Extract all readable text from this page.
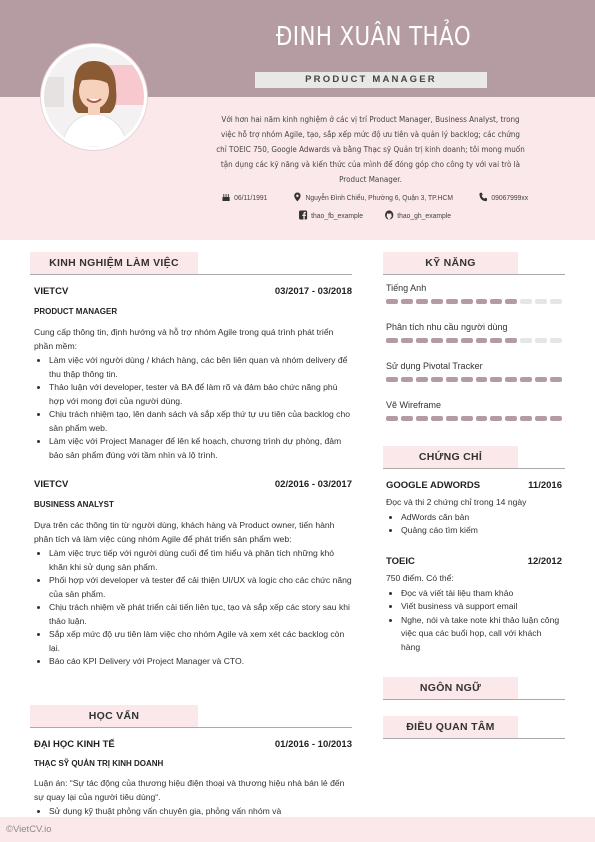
ĐINH XUÂN THẢO
PRODUCT MANAGER
Với hơn hai năm kinh nghiệm ở các vị trí Product Manager, Business Analyst, trong việc hỗ trợ nhóm Agile, tạo, sắp xếp mức độ ưu tiên và quản lý backlog; các chứng chỉ TOEIC 750, Google Adwards và bằng Thạc sỹ Quản trị kinh doanh; tôi mong muốn tận dụng các kỹ năng và kiến thức của mình để đóng góp cho công ty với vai trò là Product Manager.
06/11/1991	Nguyễn Đình Chiểu, Phường 6, Quận 3, TP.HCM	09067999xx
thao_fb_example	thao_gh_example
KINH NGHIỆM LÀM VIỆC
VIETCV	03/2017 - 03/2018
PRODUCT MANAGER
Cung cấp thông tin, định hướng và hỗ trợ nhóm Agile trong quá trình phát triển phần mềm:
• Làm việc với người dùng / khách hàng, các bên liên quan và nhóm delivery để thu thập thông tin.
• Thảo luận với developer, tester và BA để làm rõ và đảm bảo chức năng phù hợp với mong đợi của người dùng.
• Chịu trách nhiệm tạo, lên danh sách và sắp xếp thứ tự ưu tiên của backlog cho sản phẩm web.
• Làm việc với Project Manager để lên kế hoạch, chương trình dự phòng, đảm bảo sản phẩm đúng với tầm nhìn và lộ trình.
VIETCV	02/2016 - 03/2017
BUSINESS ANALYST
Dựa trên các thông tin từ người dùng, khách hàng và Product owner, tiến hành phân tích và làm việc cùng nhóm Agile để phát triển sản phẩm web:
• Làm việc trực tiếp với người dùng cuối để tìm hiểu và phân tích những khó khăn khi sử dụng sản phẩm.
• Phối hợp với developer và tester để cải thiện UI/UX và logic cho các chức năng của sản phẩm.
• Chịu trách nhiệm về phát triển cải tiến liên tục, tạo và sắp xếp các story sau khi thảo luận.
• Sắp xếp mức độ ưu tiên làm việc cho nhóm Agile và xem xét các backlog còn lại.
• Báo cáo KPI Delivery với Project Manager và CTO.
HỌC VẤN
ĐẠI HỌC KINH TẾ	01/2016 - 10/2013
THẠC SỸ QUẢN TRỊ KINH DOANH
Luận án: “Sự tác động của thương hiệu điện thoại và thương hiệu nhà bán lẻ đến sự quay lại của người tiêu dùng“.
• Sử dụng kỹ thuật phỏng vấn chuyên gia, phỏng vấn nhóm và
KỸ NĂNG
Tiếng Anh
Phân tích nhu cầu người dùng
Sử dụng Pivotal Tracker
Vẽ Wireframe
CHỨNG CHỈ
GOOGLE ADWORDS	11/2016
Đọc và thi 2 chứng chỉ trong 14 ngày
• AdWords căn bản
• Quảng cáo tìm kiếm
TOEIC	12/2012
750 điểm. Có thể:
• Đọc và viết tài liệu tham khảo
• Viết business và support email
• Nghe, nói và take note khi thảo luận công việc qua các buổi họp, call với khách hàng
NGÔN NGỮ
ĐIỀU QUAN TÂM
©VietCV.io
